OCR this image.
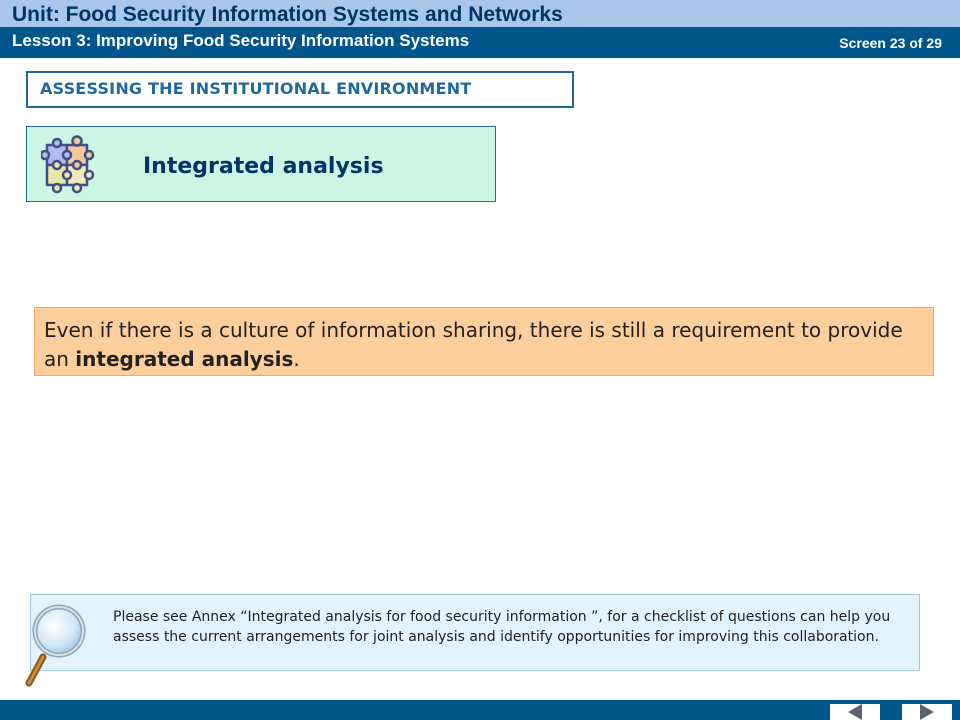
Unit: Food Security Information Systems and Networks
Lesson 3: Improving Food Security Information Systems	Screen 23 of 29
ASSESSING THE INSTITUTIONAL ENVIRONMENT
Integrated analysis

Even if there is a culture of information sharing, there is still a requirement to provide an integrated analysis.

Please see Annex “Integrated analysis for food security information ”, for a checklist of questions can help you assess the current arrangements for joint analysis and identify opportunities for improving this collaboration.
